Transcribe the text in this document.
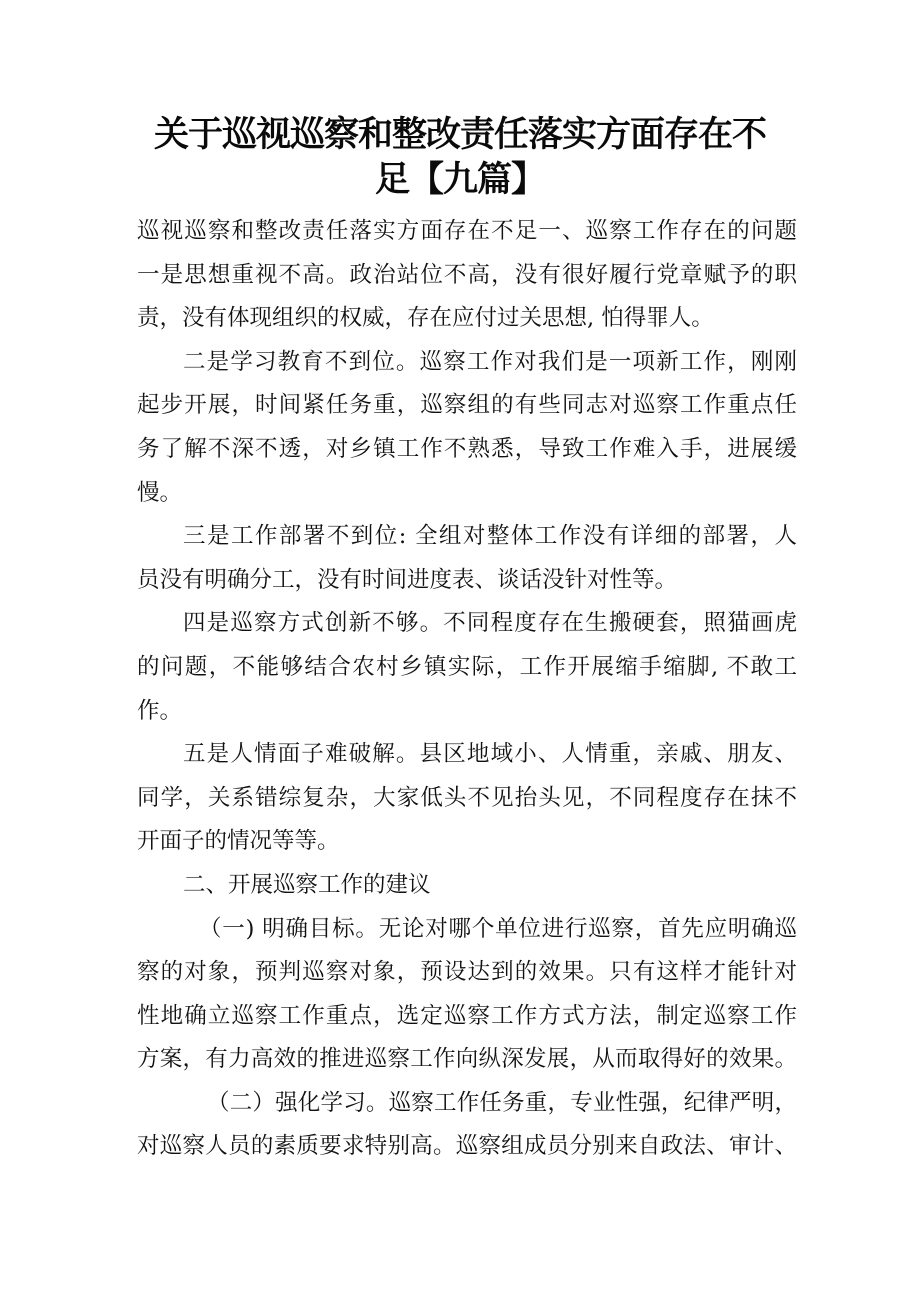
关于巡视巡察和整改责任落实方面存在不
足【九篇】
巡视巡察和整改责任落实方面存在不足一、巡察工作存在的问题
一是思想重视不高。政治站位不高，没有很好履行党章赋予的职
责，没有体现组织的权威，存在应付过关思想, 怕得罪人。
二是学习教育不到位。巡察工作对我们是一项新工作，刚刚
起步开展，时间紧任务重，巡察组的有些同志对巡察工作重点任
务了解不深不透，对乡镇工作不熟悉，导致工作难入手，进展缓
慢。
三是工作部署不到位: 全组对整体工作没有详细的部署，人
员没有明确分工，没有时间进度表、谈话没针对性等。
四是巡察方式创新不够。不同程度存在生搬硬套，照猫画虎
的问题，不能够结合农村乡镇实际，工作开展缩手缩脚, 不敢工
作。
五是人情面子难破解。县区地域小、人情重，亲戚、朋友、
同学，关系错综复杂，大家低头不见抬头见，不同程度存在抹不
开面子的情况等等。
二、开展巡察工作的建议
（一) 明确目标。无论对哪个单位进行巡察，首先应明确巡
察的对象，预判巡察对象，预设达到的效果。只有这样才能针对
性地确立巡察工作重点，选定巡察工作方式方法，制定巡察工作
方案，有力高效的推进巡察工作向纵深发展，从而取得好的效果。
（二）强化学习。巡察工作任务重，专业性强，纪律严明，
对巡察人员的素质要求特别高。巡察组成员分别来自政法、审计、
